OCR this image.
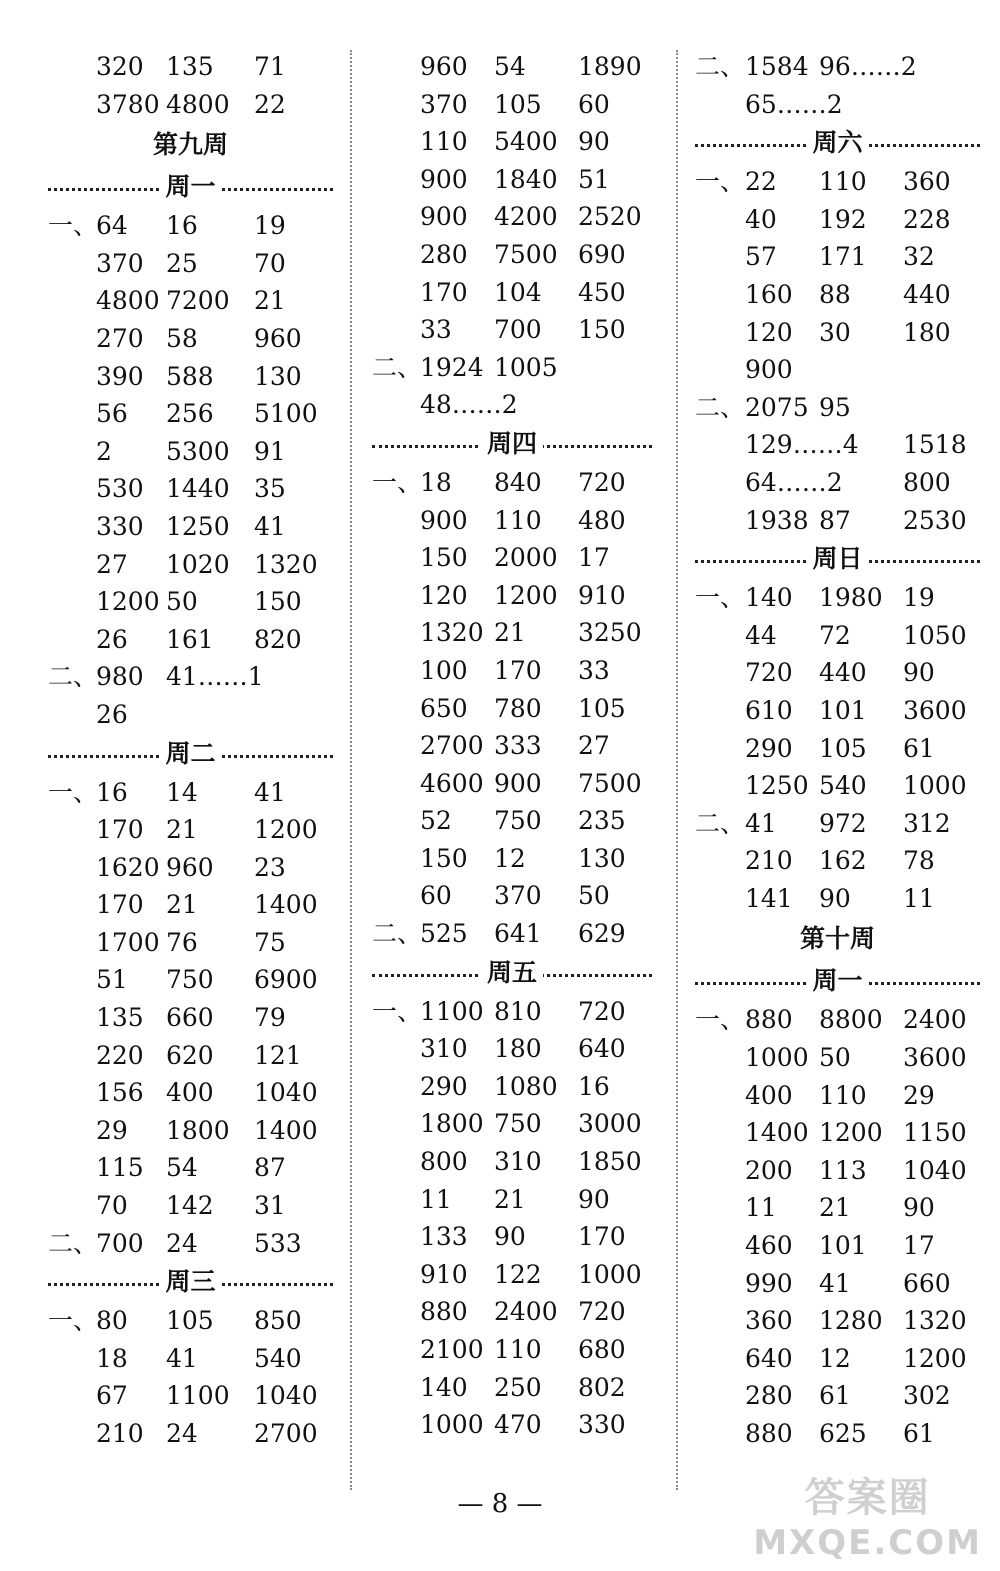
320 135 71
3780 4800 22
第九周
周一
一、
64 16 19
370 25 70
4800 7200 21
270 58 960
390 588 130
56 256 5100
2 5300 91
530 1440 35
330 1250 41
27 1020 1320
1200 50 150
26 161 820
二、
980 41……1
26
周二
一、
16 14 41
170 21 1200
1620 960 23
170 21 1400
1700 76 75
51 750 6900
135 660 79
220 620 121
156 400 1040
29 1800 1400
115 54 87
70 142 31
二、
700 24 533
周三
一、
80 105 850
18 41 540
67 1100 1040
210 24 2700
960 54 1890
370 105 60
110 5400 90
900 1840 51
900 4200 2520
280 7500 690
170 104 450
33 700 150
二、
1924 1005
48……2
周四
一、
18 840 720
900 110 480
150 2000 17
120 1200 910
1320 21 3250
100 170 33
650 780 105
2700 333 27
4600 900 7500
52 750 235
150 12 130
60 370 50
二、
525 641 629
周五
一、
1100 810 720
310 180 640
290 1080 16
1800 750 3000
800 310 1850
11 21 90
133 90 170
910 122 1000
880 2400 720
2100 110 680
140 250 802
1000 470 330
二、 1584 96……2
65……2
周六
一、 22 110 360
40 192 228
57 171 32
160 88 440
120 30 180
900
二、 2075 95
129……4 1518
64……2 800
1938 87 2530
周日
一、 140 1980 19
44 72 1050
720 440 90
610 101 3600
290 105 61
1250 540 1000
二、 41 972 312
210 162 78
141 90 11
第十周
周一
一、 880 8800 2400
1000 50 3600
400 110 29
1400 1200 1150
200 113 1040
11 21 90
460 101 17
990 41 660
360 1280 1320
640 12 1200
280 61 302
880 625 61
— 8 —	答案圈
MXQE.COM
